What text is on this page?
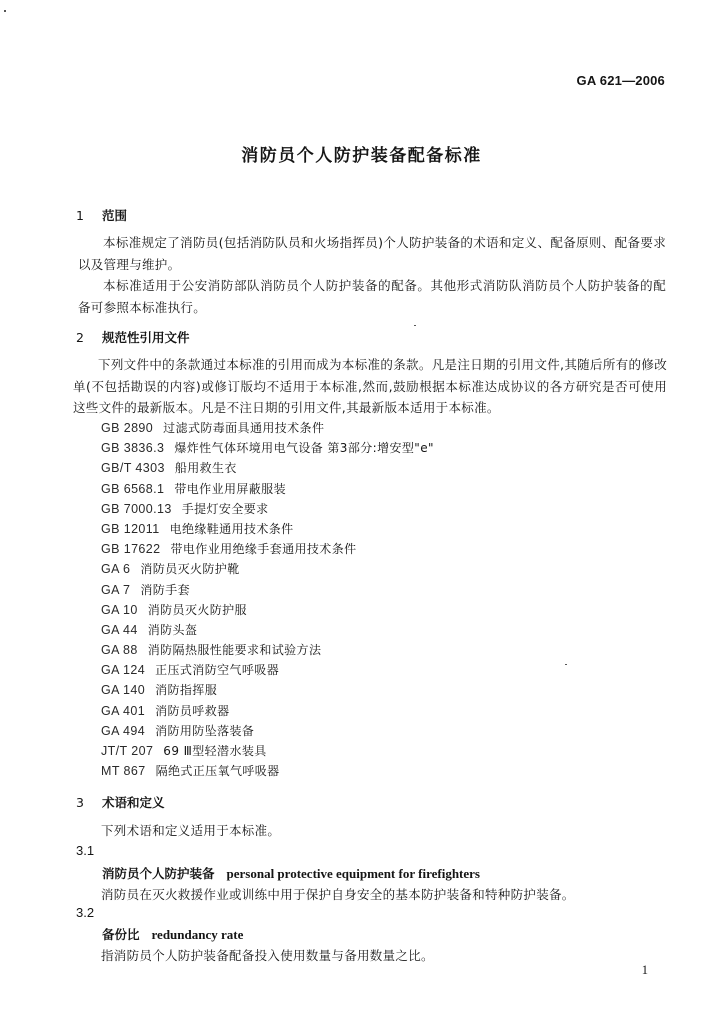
GA 621—2006
消防员个人防护装备配备标准
1 范围
本标准规定了消防员(包括消防队员和火场指挥员)个人防护装备的术语和定义、配备原则、配备要求以及管理与维护。
本标准适用于公安消防部队消防员个人防护装备的配备。其他形式消防队消防员个人防护装备的配备可参照本标准执行。
2 规范性引用文件
下列文件中的条款通过本标准的引用而成为本标准的条款。凡是注日期的引用文件,其随后所有的修改单(不包括勘误的内容)或修订版均不适用于本标准,然而,鼓励根据本标准达成协议的各方研究是否可使用这些文件的最新版本。凡是不注日期的引用文件,其最新版本适用于本标准。
GB 2890 过滤式防毒面具通用技术条件
GB 3836.3 爆炸性气体环境用电气设备 第3部分:增安型"e"
GB/T 4303 船用救生衣
GB 6568.1 带电作业用屏蔽服装
GB 7000.13 手提灯安全要求
GB 12011 电绝缘鞋通用技术条件
GB 17622 带电作业用绝缘手套通用技术条件
GA 6 消防员灭火防护靴
GA 7 消防手套
GA 10 消防员灭火防护服
GA 44 消防头盔
GA 88 消防隔热服性能要求和试验方法
GA 124 正压式消防空气呼吸器
GA 140 消防指挥服
GA 401 消防员呼救器
GA 494 消防用防坠落装备
JT/T 207 69 Ⅲ型轻潜水装具
MT 867 隔绝式正压氧气呼吸器
3 术语和定义
下列术语和定义适用于本标准。
3.1
消防员个人防护装备 personal protective equipment for firefighters
消防员在灭火救援作业或训练中用于保护自身安全的基本防护装备和特种防护装备。
3.2
备份比 redundancy rate
指消防员个人防护装备配备投入使用数量与备用数量之比。
1
